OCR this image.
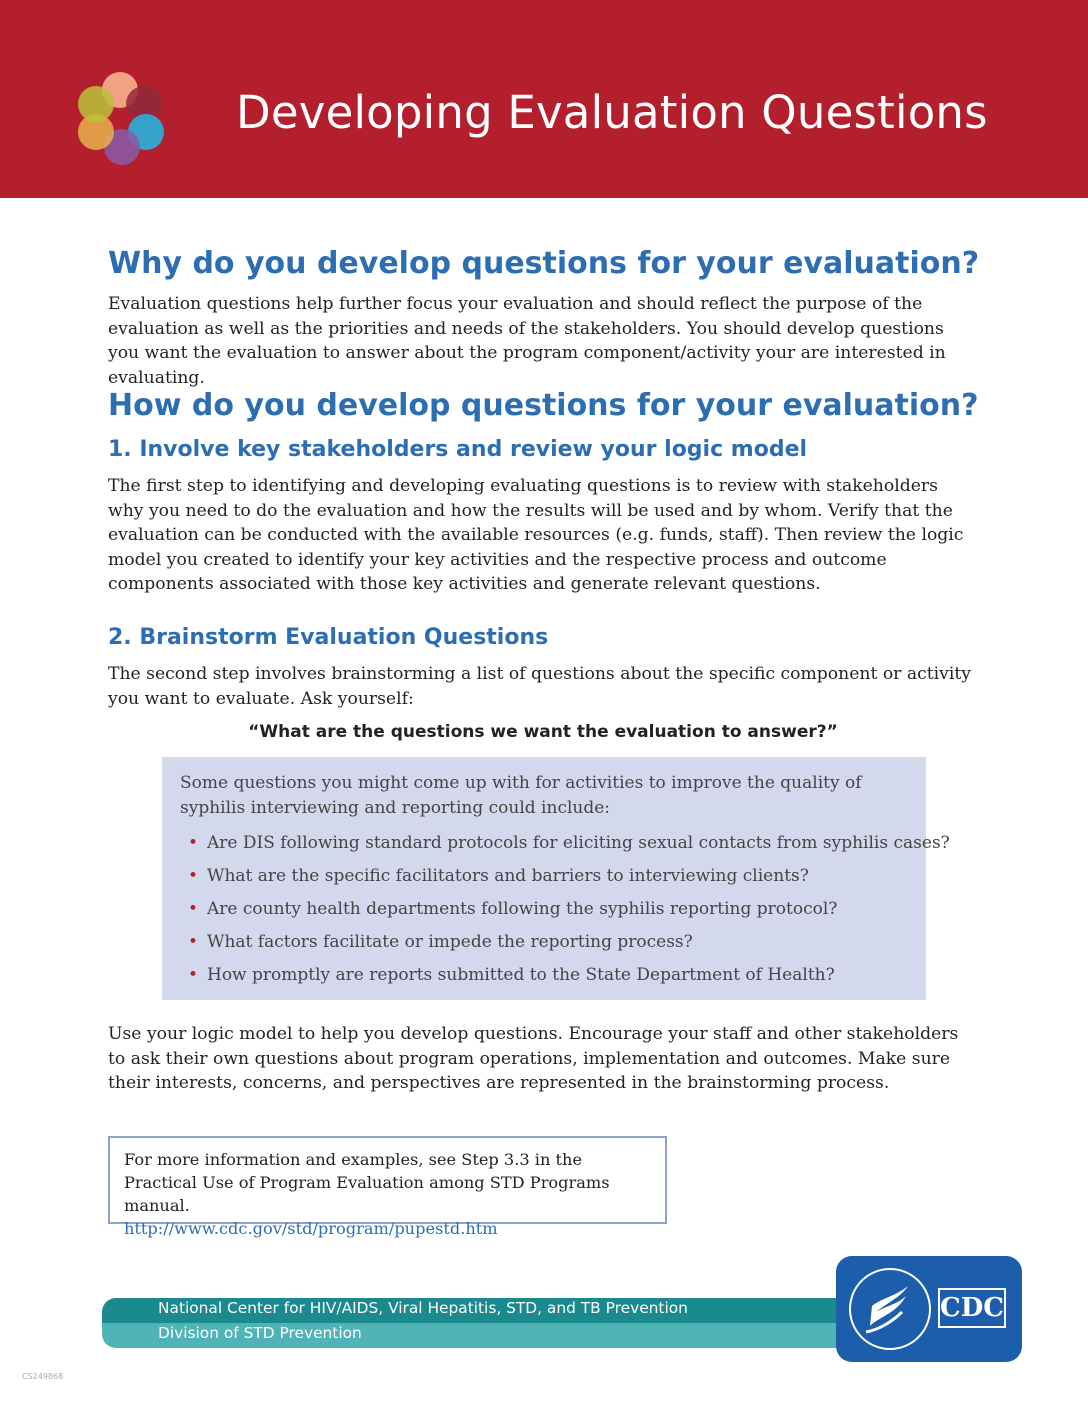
Developing Evaluation Questions
Why do you develop questions for your evaluation?

Evaluation questions help further focus your evaluation and should reflect the purpose of the evaluation as well as the priorities and needs of the stakeholders. You should develop questions you want the evaluation to answer about the program component/activity your are interested in evaluating.

How do you develop questions for your evaluation?
1. Involve key stakeholders and review your logic model

The first step to identifying and developing evaluating questions is to review with stakeholders why you need to do the evaluation and how the results will be used and by whom. Verify that the evaluation can be conducted with the available resources (e.g. funds, staff). Then review the logic model you created to identify your key activities and the respective process and outcome components associated with those key activities and generate relevant questions.

2. Brainstorm Evaluation Questions

The second step involves brainstorming a list of questions about the specific component or activity you want to evaluate. Ask yourself:

“What are the questions we want the evaluation to answer?”

Some questions you might come up with for activities to improve the quality of syphilis interviewing and reporting could include:

• Are DIS following standard protocols for eliciting sexual contacts from syphilis cases?
• What are the specific facilitators and barriers to interviewing clients?
• Are county health departments following the syphilis reporting protocol?
• What factors facilitate or impede the reporting process?
• How promptly are reports submitted to the State Department of Health?

Use your logic model to help you develop questions. Encourage your staff and other stakeholders to ask their own questions about program operations, implementation and outcomes. Make sure their interests, concerns, and perspectives are represented in the brainstorming process.

For more information and examples, see Step 3.3 in the Practical Use of Program Evaluation among STD Programs manual.
http://www.cdc.gov/std/program/pupestd.htm
National Center for HIV/AIDS, Viral Hepatitis, STD, and TB Prevention
Division of STD Prevention
CDC
CS249868
